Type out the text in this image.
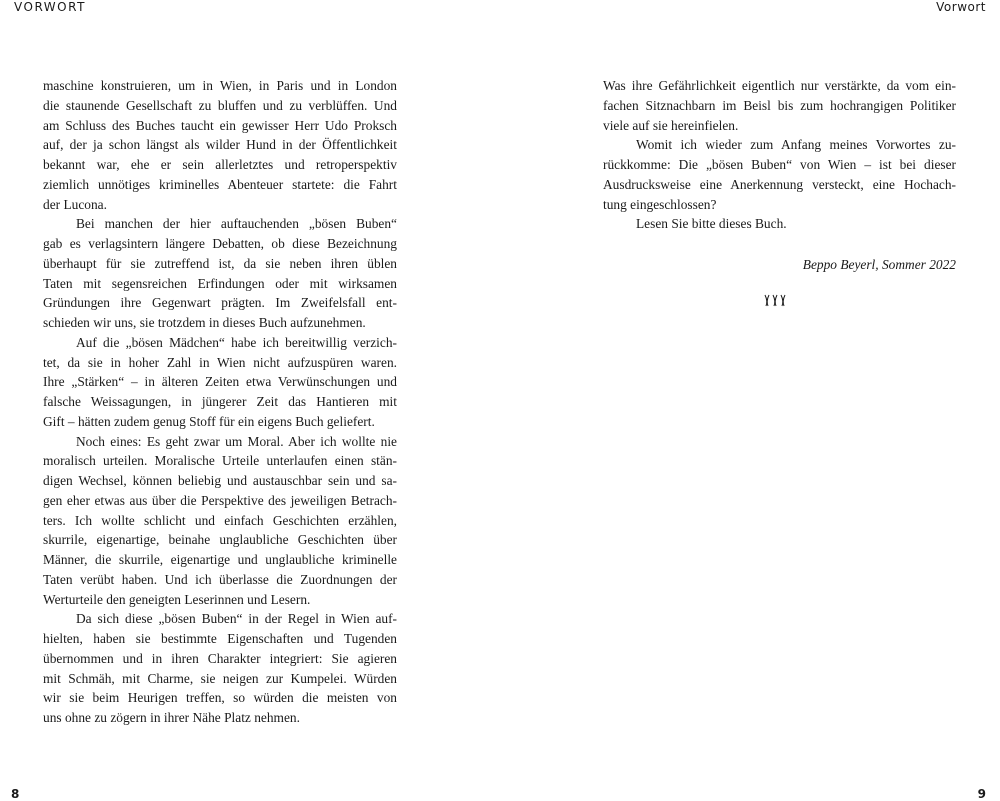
VORWORT	Vorwort
maschine konstruieren, um in Wien, in Paris und in London
die staunende Gesellschaft zu bluffen und zu verblüffen. Und
am Schluss des Buches taucht ein gewisser Herr Udo Proksch
auf, der ja schon längst als wilder Hund in der Öffentlichkeit
bekannt war, ehe er sein allerletztes und retroperspektiv
ziemlich unnötiges kriminelles Abenteuer startete: die Fahrt
der Lucona.
Bei manchen der hier auftauchenden „bösen Buben“
gab es verlagsintern längere Debatten, ob diese Bezeichnung
überhaupt für sie zutreffend ist, da sie neben ihren üblen
Taten mit segensreichen Erfindungen oder mit wirksamen
Gründungen ihre Gegenwart prägten. Im Zweifelsfall ent-
schieden wir uns, sie trotzdem in dieses Buch aufzunehmen.
Auf die „bösen Mädchen“ habe ich bereitwillig verzich-
tet, da sie in hoher Zahl in Wien nicht aufzuspüren waren.
Ihre „Stärken“ – in älteren Zeiten etwa Verwünschungen und
falsche Weissagungen, in jüngerer Zeit das Hantieren mit
Gift – hätten zudem genug Stoff für ein eigens Buch geliefert.
Noch eines: Es geht zwar um Moral. Aber ich wollte nie
moralisch urteilen. Moralische Urteile unterlaufen einen stän-
digen Wechsel, können beliebig und austauschbar sein und sa-
gen eher etwas aus über die Perspektive des jeweiligen Betrach-
ters. Ich wollte schlicht und einfach Geschichten erzählen,
skurrile, eigenartige, beinahe unglaubliche Geschichten über
Männer, die skurrile, eigenartige und unglaubliche kriminelle
Taten verübt haben. Und ich überlasse die Zuordnungen der
Werturteile den geneigten Leserinnen und Lesern.
Da sich diese „bösen Buben“ in der Regel in Wien auf-
hielten, haben sie bestimmte Eigenschaften und Tugenden
übernommen und in ihren Charakter integriert: Sie agieren
mit Schmäh, mit Charme, sie neigen zur Kumpelei. Würden
wir sie beim Heurigen treffen, so würden die meisten von
uns ohne zu zögern in ihrer Nähe Platz nehmen.
Was ihre Gefährlichkeit eigentlich nur verstärkte, da vom ein-
fachen Sitznachbarn im Beisl bis zum hochrangigen Politiker
viele auf sie hereinfielen.
Womit ich wieder zum Anfang meines Vorwortes zu-
rückkomme: Die „bösen Buben“ von Wien – ist bei dieser
Ausdrucksweise eine Anerkennung versteckt, eine Hochach-
tung eingeschlossen?
Lesen Sie bitte dieses Buch.
Beppo Beyerl, Sommer 2022
8	9
